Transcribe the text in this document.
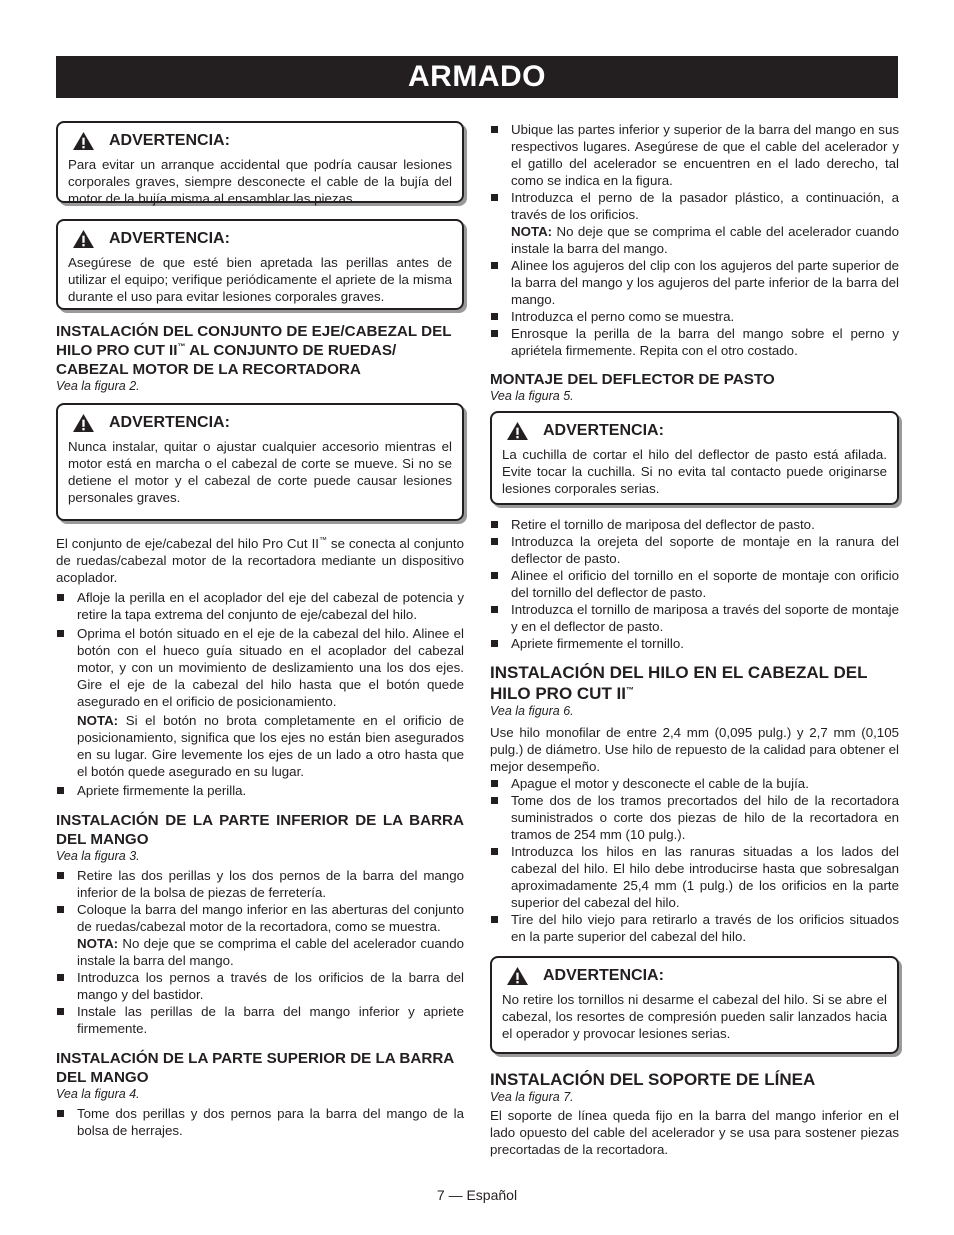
ARMADO
ADVERTENCIA:
Para evitar un arranque accidental que podría causar lesiones corporales graves, siempre desconecte el cable de la bujía del motor de la bujía misma al ensamblar las piezas.
ADVERTENCIA:
Asegúrese de que esté bien apretada las perillas antes de utilizar el equipo; verifique periódicamente el apriete de la misma durante el uso para evitar lesiones corporales graves.
INSTALACIÓN DEL CONJUNTO DE EJE/CABEZAL DEL HILO PRO CUT II™ AL CONJUNTO DE RUEDAS/ CABEZAL MOTOR DE LA RECORTADORA
Vea la figura 2.
ADVERTENCIA:
Nunca instalar, quitar o ajustar cualquier accesorio mientras el motor está en marcha o el cabezal de corte se mueve. Si no se detiene el motor y el cabezal de corte puede causar lesiones personales graves.

El conjunto de eje/cabezal del hilo Pro Cut II™ se conecta al conjunto de ruedas/cabezal motor de la recortadora mediante un dispositivo acoplador.

Afloje la perilla en el acoplador del eje del cabezal de potencia y retire la tapa extrema del conjunto de eje/cabezal del hilo.
Oprima el botón situado en el eje de la cabezal del hilo. Alinee el botón con el hueco guía situado en el acoplador del cabezal motor, y con un movimiento de deslizamiento una los dos ejes. Gire el eje de la cabezal del hilo hasta que el botón quede asegurado en el orificio de posicionamiento.

NOTA: Si el botón no brota completamente en el orificio de posicionamiento, significa que los ejes no están bien asegurados en su lugar. Gire levemente los ejes de un lado a otro hasta que el botón quede asegurado en su lugar.

Apriete firmemente la perilla.
INSTALACIÓN DE LA PARTE INFERIOR DE LA BARRA DEL MANGO
Vea la figura 3.
Retire las dos perillas y los dos pernos de la barra del mango inferior de la bolsa de piezas de ferretería.
Coloque la barra del mango inferior en las aberturas del conjunto de ruedas/cabezal motor de la recortadora, como se muestra.

NOTA: No deje que se comprima el cable del acelerador cuando instale la barra del mango.

Introduzca los pernos a través de los orificios de la barra del mango y del bastidor.
Instale las perillas de la barra del mango inferior y apriete firmemente.
INSTALACIÓN DE LA PARTE SUPERIOR DE LA BARRA DEL MANGO
Vea la figura 4.
Tome dos perillas y dos pernos para la barra del mango de la bolsa de herrajes.
Ubique las partes inferior y superior de la barra del mango en sus respectivos lugares. Asegúrese de que el cable del acelerador y el gatillo del acelerador se encuentren en el lado derecho, tal como se indica en la figura.
Introduzca el perno de la pasador plástico, a continuación, a través de los orificios.

NOTA: No deje que se comprima el cable del acelerador cuando instale la barra del mango.

Alinee los agujeros del clip con los agujeros del parte superior de la barra del mango y los agujeros del parte inferior de la barra del mango.
Introduzca el perno como se muestra.
Enrosque la perilla de la barra del mango sobre el perno y apriétela firmemente. Repita con el otro costado.
MONTAJE DEL DEFLECTOR DE PASTO
Vea la figura 5.
ADVERTENCIA:
La cuchilla de cortar el hilo del deflector de pasto está afilada. Evite tocar la cuchilla. Si no evita tal contacto puede originarse lesiones corporales serias.
Retire el tornillo de mariposa del deflector de pasto.
Introduzca la orejeta del soporte de montaje en la ranura del deflector de pasto.
Alinee el orificio del tornillo en el soporte de montaje con orificio del tornillo del deflector de pasto.
Introduzca el tornillo de mariposa a través del soporte de montaje y en el deflector de pasto.
Apriete firmemente el tornillo.
INSTALACIÓN DEL HILO EN EL CABEZAL DEL HILO PRO CUT II™
Vea la figura 6.

Use hilo monofilar de entre 2,4 mm (0,095 pulg.) y 2,7 mm (0,105 pulg.) de diámetro. Use hilo de repuesto de la calidad para obtener el mejor desempeño.

Apague el motor y desconecte el cable de la bujía.
Tome dos de los tramos precortados del hilo de la recortadora suministrados o corte dos piezas de hilo de la recortadora en tramos de 254 mm (10 pulg.).
Introduzca los hilos en las ranuras situadas a los lados del cabezal del hilo. El hilo debe introducirse hasta que sobresalgan aproximadamente 25,4 mm (1 pulg.) de los orificios en la parte superior del cabezal del hilo.
Tire del hilo viejo para retirarlo a través de los orificios situados en la parte superior del cabezal del hilo.
ADVERTENCIA:
No retire los tornillos ni desarme el cabezal del hilo. Si se abre el cabezal, los resortes de compresión pueden salir lanzados hacia el operador y provocar lesiones serias.
INSTALACIÓN DEL SOPORTE DE LÍNEA
Vea la figura 7.

El soporte de línea queda fijo en la barra del mango inferior en el lado opuesto del cable del acelerador y se usa para sostener piezas precortadas de la recortadora.

7 — Español
